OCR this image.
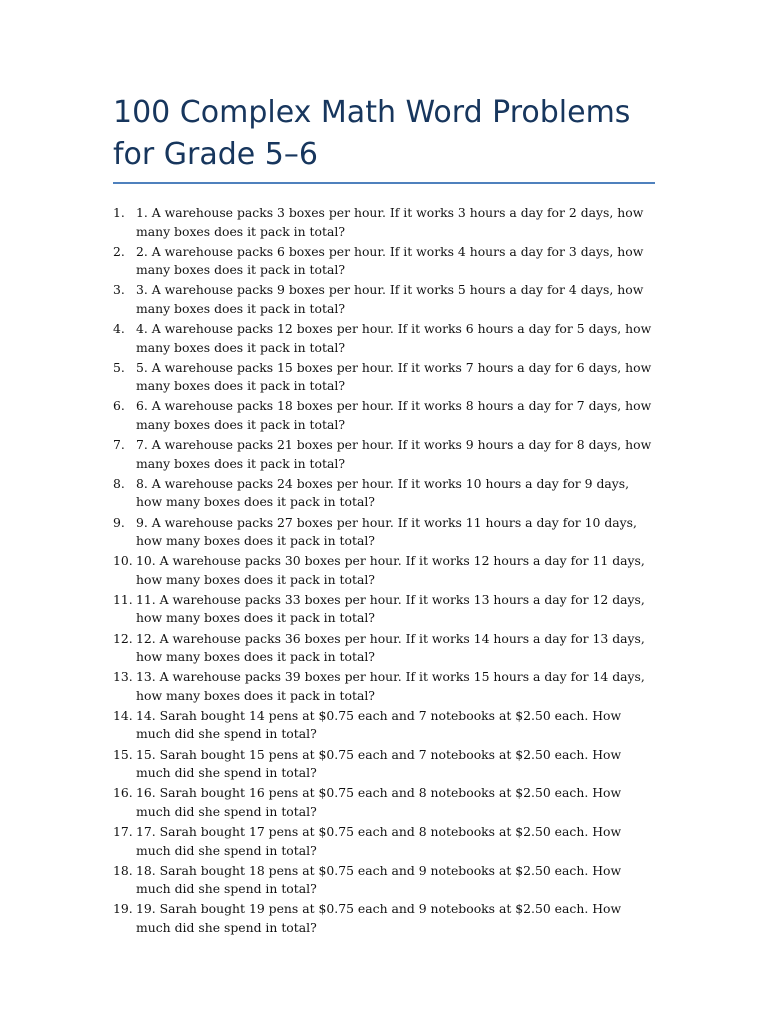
100 Complex Math Word Problems for Grade 5–6
1. 1. A warehouse packs 3 boxes per hour. If it works 3 hours a day for 2 days, how many boxes does it pack in total?
2. 2. A warehouse packs 6 boxes per hour. If it works 4 hours a day for 3 days, how many boxes does it pack in total?
3. 3. A warehouse packs 9 boxes per hour. If it works 5 hours a day for 4 days, how many boxes does it pack in total?
4. 4. A warehouse packs 12 boxes per hour. If it works 6 hours a day for 5 days, how many boxes does it pack in total?
5. 5. A warehouse packs 15 boxes per hour. If it works 7 hours a day for 6 days, how many boxes does it pack in total?
6. 6. A warehouse packs 18 boxes per hour. If it works 8 hours a day for 7 days, how many boxes does it pack in total?
7. 7. A warehouse packs 21 boxes per hour. If it works 9 hours a day for 8 days, how many boxes does it pack in total?
8. 8. A warehouse packs 24 boxes per hour. If it works 10 hours a day for 9 days, how many boxes does it pack in total?
9. 9. A warehouse packs 27 boxes per hour. If it works 11 hours a day for 10 days, how many boxes does it pack in total?
10. 10. A warehouse packs 30 boxes per hour. If it works 12 hours a day for 11 days, how many boxes does it pack in total?
11. 11. A warehouse packs 33 boxes per hour. If it works 13 hours a day for 12 days, how many boxes does it pack in total?
12. 12. A warehouse packs 36 boxes per hour. If it works 14 hours a day for 13 days, how many boxes does it pack in total?
13. 13. A warehouse packs 39 boxes per hour. If it works 15 hours a day for 14 days, how many boxes does it pack in total?
14. 14. Sarah bought 14 pens at $0.75 each and 7 notebooks at $2.50 each. How much did she spend in total?
15. 15. Sarah bought 15 pens at $0.75 each and 7 notebooks at $2.50 each. How much did she spend in total?
16. 16. Sarah bought 16 pens at $0.75 each and 8 notebooks at $2.50 each. How much did she spend in total?
17. 17. Sarah bought 17 pens at $0.75 each and 8 notebooks at $2.50 each. How much did she spend in total?
18. 18. Sarah bought 18 pens at $0.75 each and 9 notebooks at $2.50 each. How much did she spend in total?
19. 19. Sarah bought 19 pens at $0.75 each and 9 notebooks at $2.50 each. How much did she spend in total?
